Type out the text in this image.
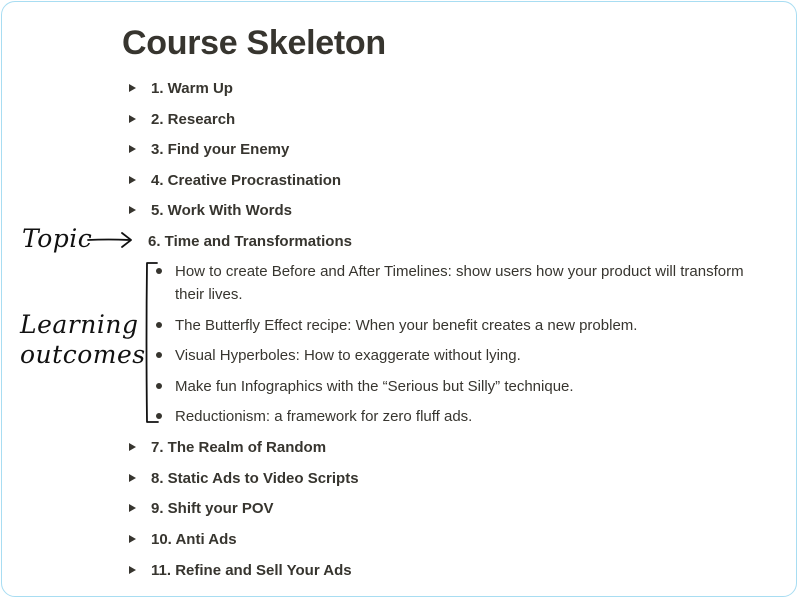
Course Skeleton
1. Warm Up
2. Research
3. Find your Enemy
4. Creative Procrastination
5. Work With Words
6. Time and Transformations
How to create Before and After Timelines: show users how your product will transform their lives.
The Butterfly Effect recipe: When your benefit creates a new problem.
Visual Hyperboles: How to exaggerate without lying.
Make fun Infographics with the “Serious but Silly” technique.
Reductionism: a framework for zero fluff ads.
7. The Realm of Random
8. Static Ads to Video Scripts
9. Shift your POV
10. Anti Ads
11. Refine and Sell Your Ads
Topic
Learning
outcomes
